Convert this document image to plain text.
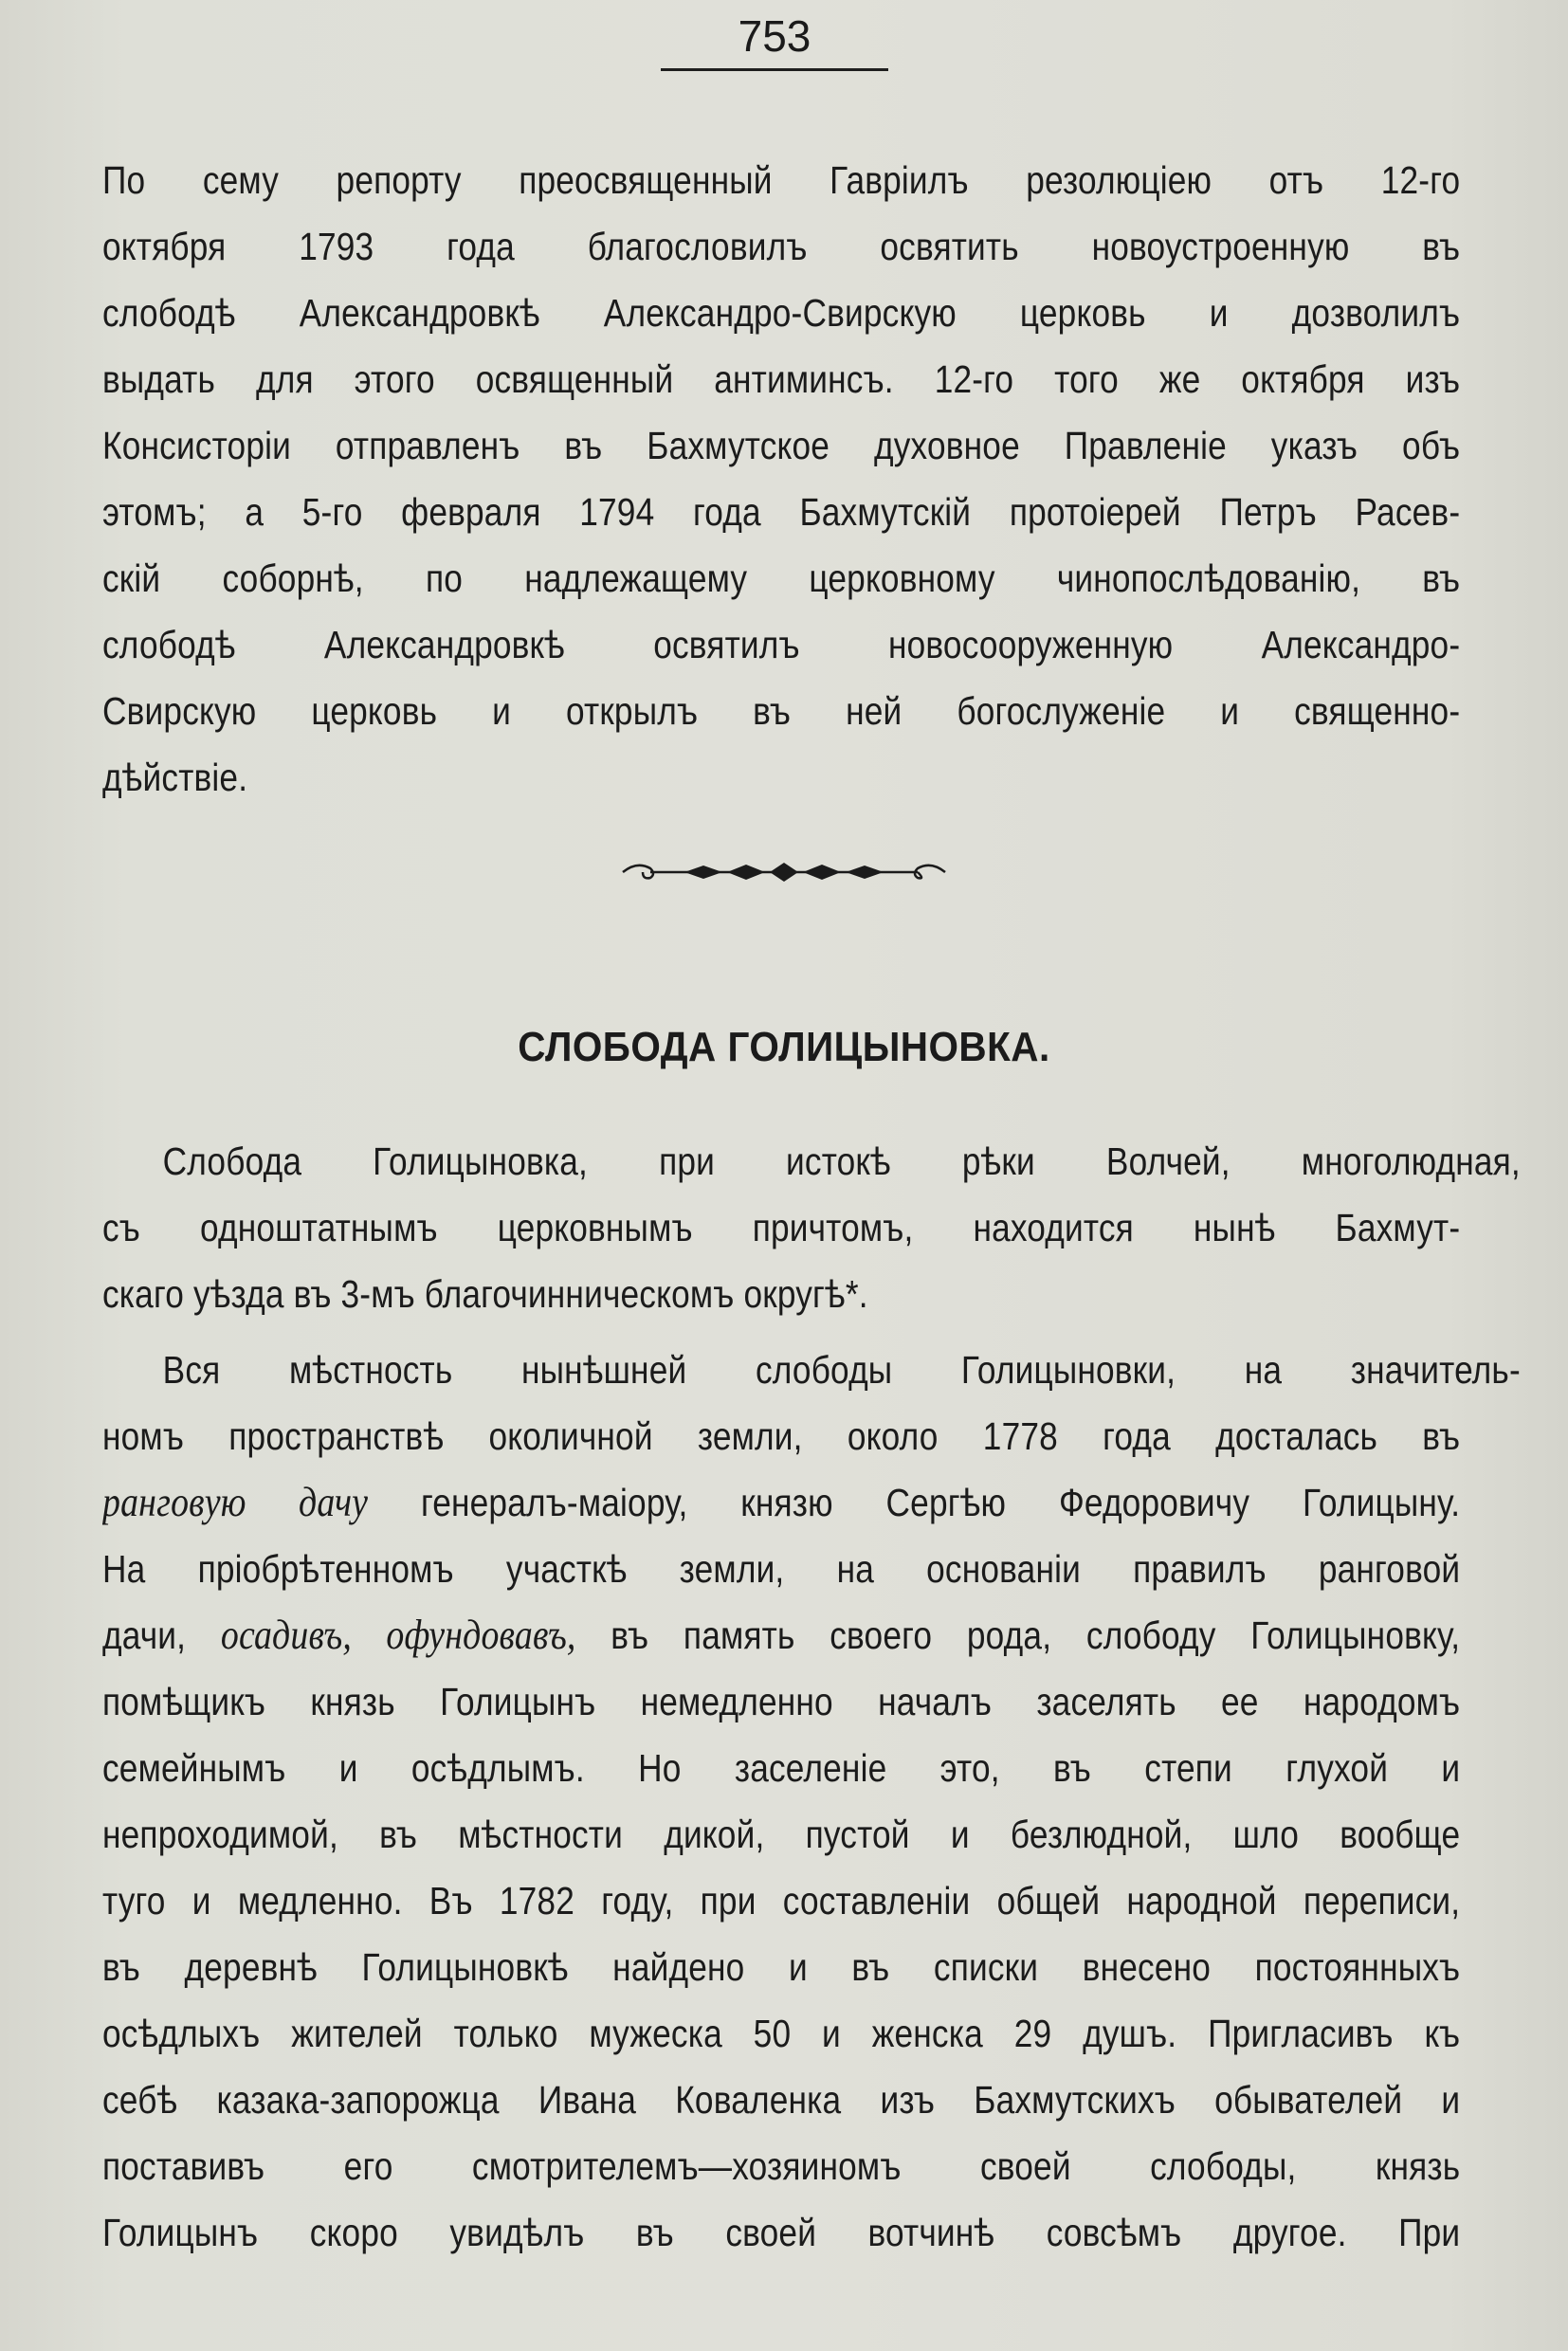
753
По сему репорту преосвященный Гавріилъ резолюціею отъ 12-го
октября 1793 года благословилъ освятить новоустроенную въ
слободѣ Александровкѣ Александро-Свирскую церковь и дозволилъ
выдать для этого освященный антиминсъ. 12-го того же октября изъ
Консисторіи отправленъ въ Бахмутское духовное Правленіе указъ объ
этомъ; а 5-го февраля 1794 года Бахмутскій протоіерей Петръ Расев-
скій соборнѣ, по надлежащему церковному чинопослѣдованію, въ
слободѣ Александровкѣ освятилъ новосооруженную Александро-
Свирскую церковь и открылъ въ ней богослуженіе и священно-
дѣйствіе.
СЛОБОДА ГОЛИЦЫНОВКА.
Слобода Голицыновка, при истокѣ рѣки Волчей, многолюдная,
съ одноштатнымъ церковнымъ причтомъ, находится нынѣ Бахмут-
скаго уѣзда въ 3-мъ благочинническомъ округѣ*.
Вся мѣстность нынѣшней слободы Голицыновки, на значитель-
номъ пространствѣ околичной земли, около 1778 года досталась въ
ранговую дачу генералъ-маіору, князю Сергѣю Федоровичу Голицыну.
На пріобрѣтенномъ участкѣ земли, на основаніи правилъ ранговой
дачи, осадивъ, офундовавъ, въ память своего рода, слободу Голицыновку,
помѣщикъ князь Голицынъ немедленно началъ заселять ее народомъ
семейнымъ и осѣдлымъ. Но заселеніе это, въ степи глухой и
непроходимой, въ мѣстности дикой, пустой и безлюдной, шло вообще
туго и медленно. Въ 1782 году, при составленіи общей народной переписи,
въ деревнѣ Голицыновкѣ найдено и въ списки внесено постоянныхъ
осѣдлыхъ жителей только мужеска 50 и женска 29 душъ. Пригласивъ къ
себѣ казака-запорожца Ивана Коваленка изъ Бахмутскихъ обывателей и
поставивъ его смотрителемъ—хозяиномъ своей слободы, князь
Голицынъ скоро увидѣлъ въ своей вотчинѣ совсѣмъ другое. При
